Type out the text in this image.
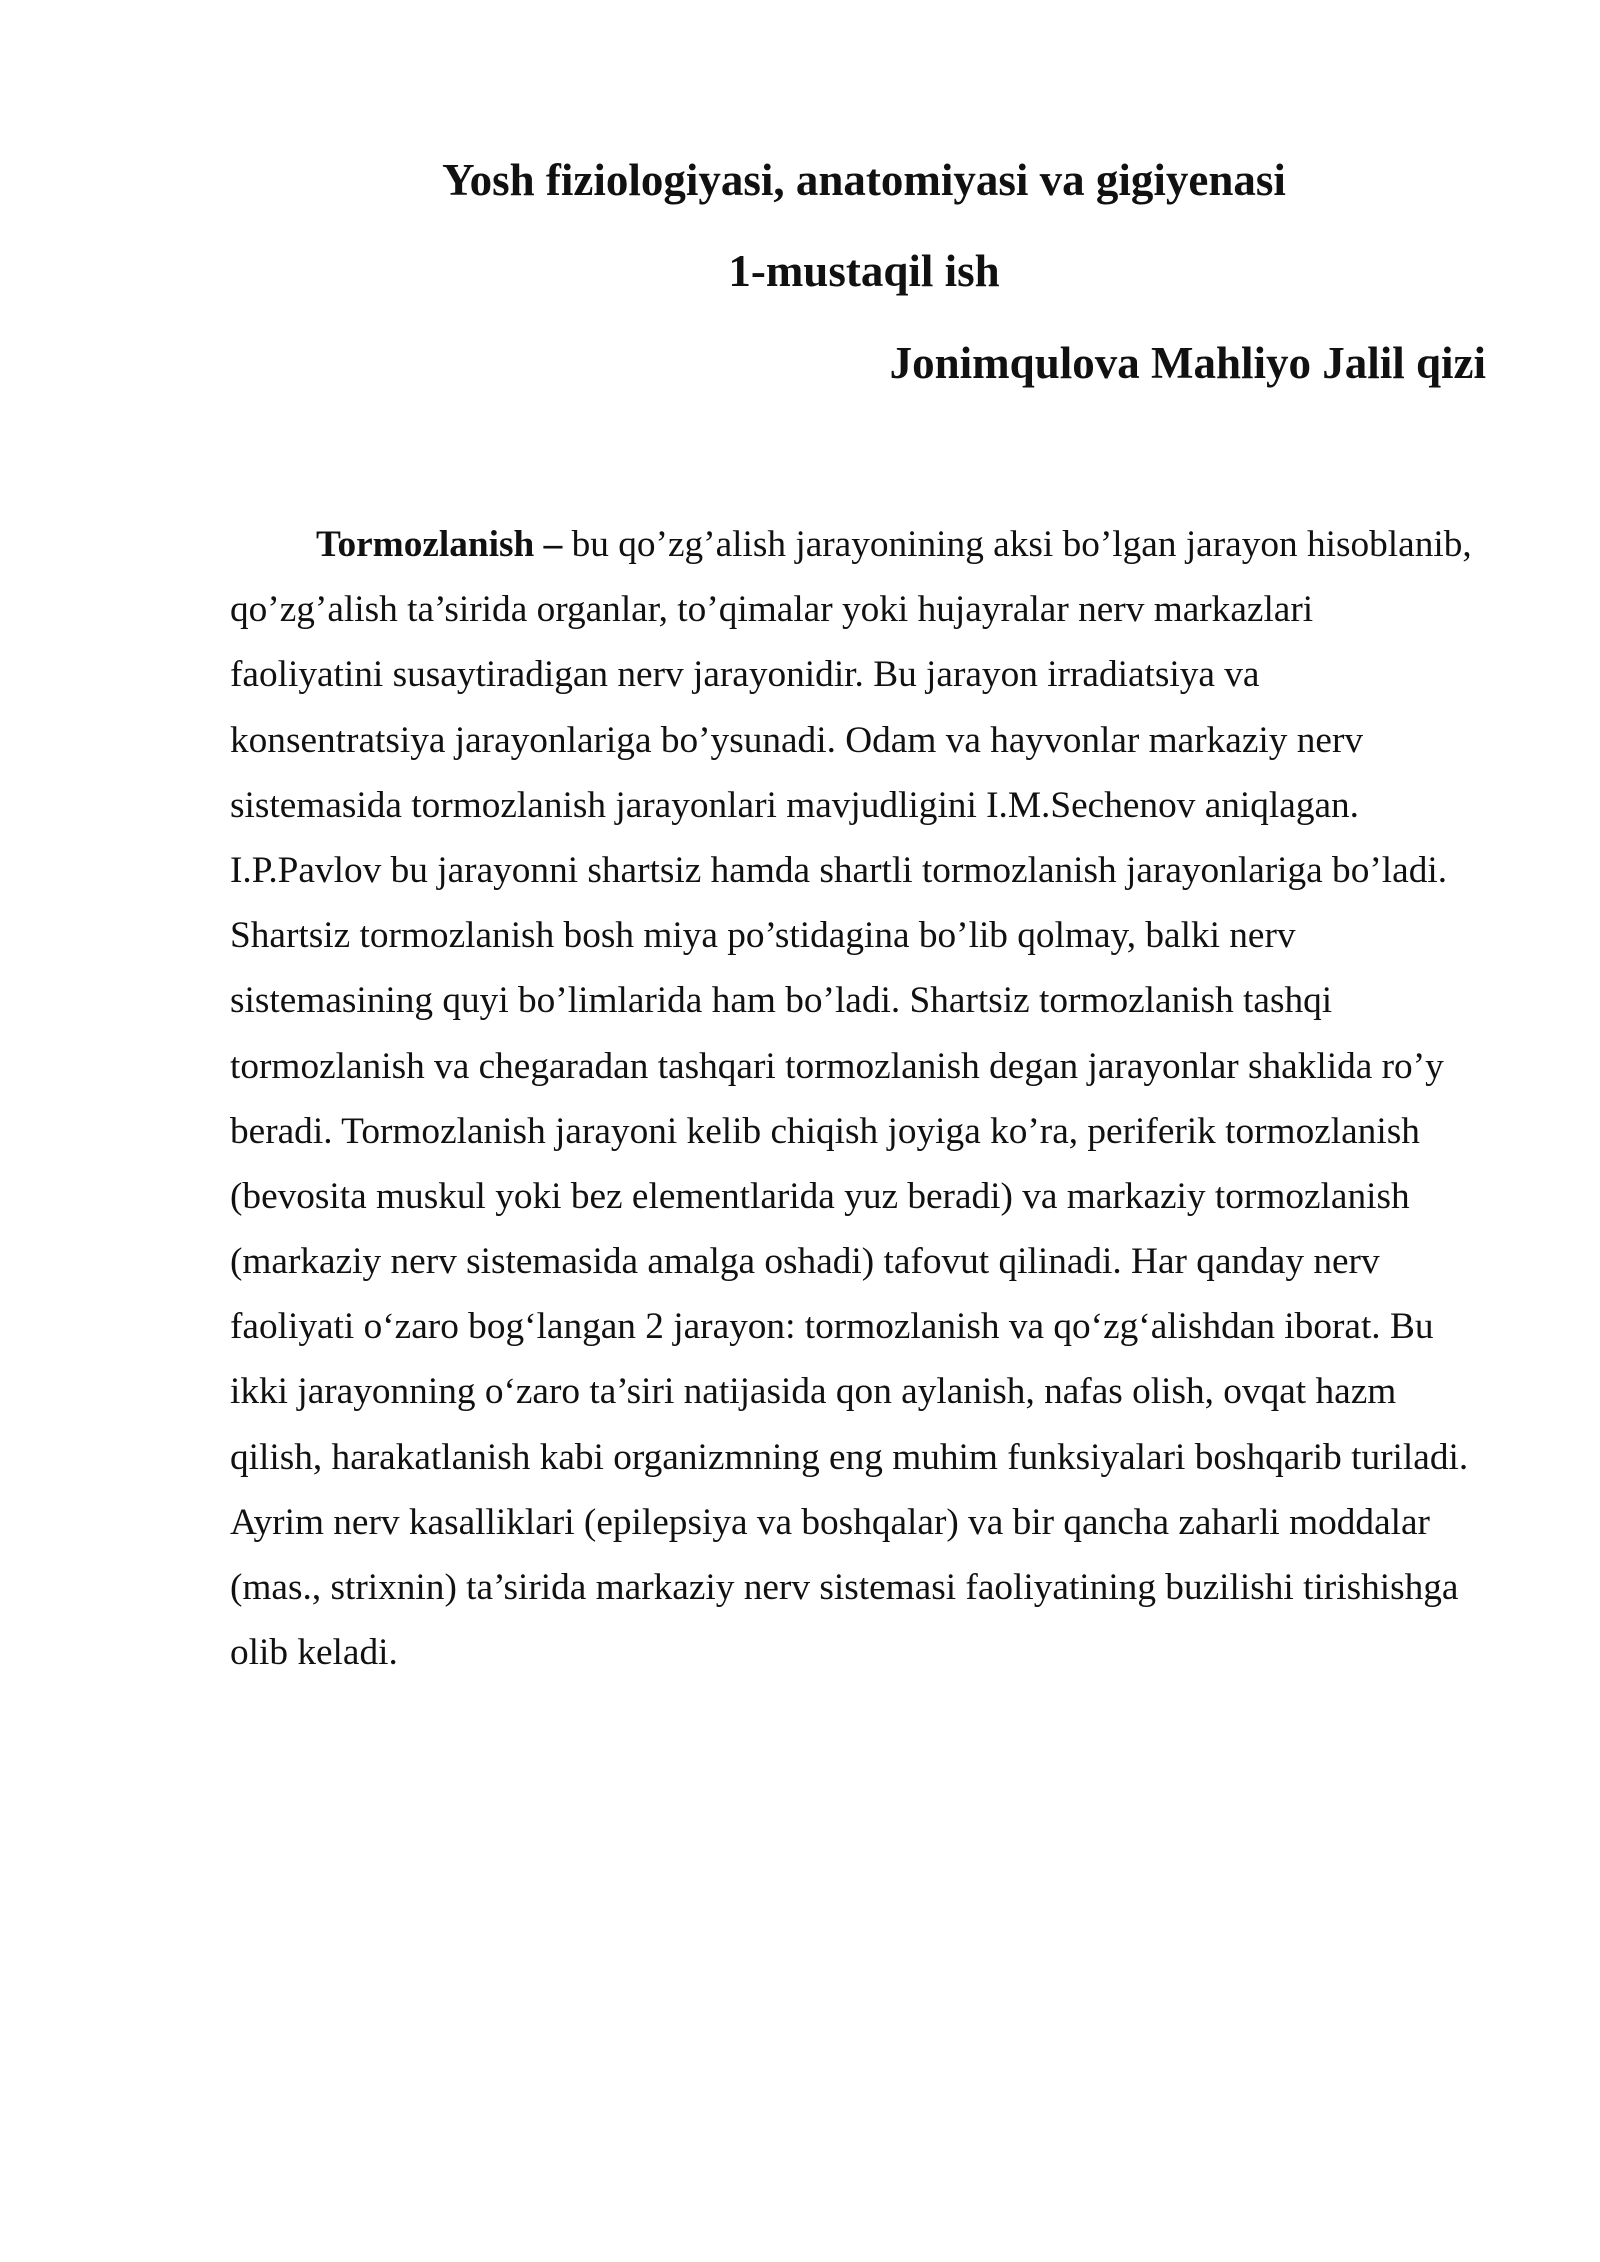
Yosh fiziologiyasi, anatomiyasi va gigiyenasi
1-mustaqil ish
Jonimqulova Mahliyo Jalil qizi
Tormozlanish – bu qo’zg’alish jarayonining aksi bo’lgan jarayon hisoblanib,
qo’zg’alish ta’sirida organlar, to’qimalar yoki hujayralar nerv markazlari
faoliyatini susaytiradigan nerv jarayonidir. Bu jarayon irradiatsiya va
konsentratsiya jarayonlariga bo’ysunadi. Odam va hayvonlar markaziy nerv
sistemasida tormozlanish jarayonlari mavjudligini I.M.Sechenov aniqlagan.
I.P.Pavlov bu jarayonni shartsiz hamda shartli tormozlanish jarayonlariga bo’ladi.
Shartsiz tormozlanish bosh miya po’stidagina bo’lib qolmay, balki nerv
sistemasining quyi bo’limlarida ham bo’ladi. Shartsiz tormozlanish tashqi
tormozlanish va chegaradan tashqari tormozlanish degan jarayonlar shaklida ro’y
beradi. Tormozlanish jarayoni kelib chiqish joyiga ko’ra, periferik tormozlanish
(bevosita muskul yoki bez elementlarida yuz beradi) va markaziy tormozlanish
(markaziy nerv sistemasida amalga oshadi) tafovut qilinadi. Har qanday nerv
faoliyati o‘zaro bog‘langan 2 jarayon: tormozlanish va qo‘zg‘alishdan iborat. Bu
ikki jarayonning o‘zaro ta’siri natijasida qon aylanish, nafas olish, ovqat hazm
qilish, harakatlanish kabi organizmning eng muhim funksiyalari boshqarib turiladi.
Ayrim nerv kasalliklari (epilepsiya va boshqalar) va bir qancha zaharli moddalar
(mas., strixnin) ta’sirida markaziy nerv sistemasi faoliyatining buzilishi tirishishga
olib keladi.
